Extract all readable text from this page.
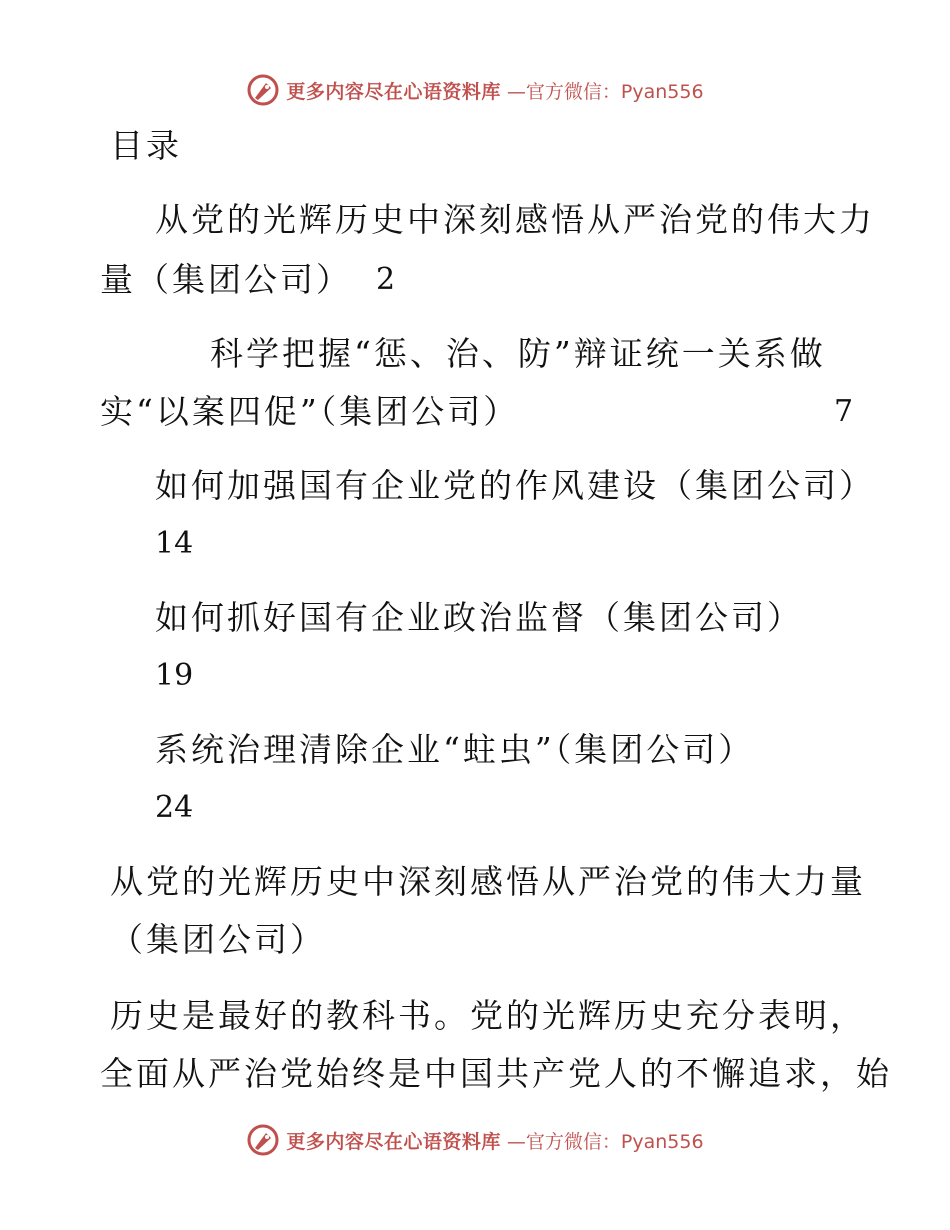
更多内容尽在心语资料库 —官方微信：Pyan556
目录
从党的光辉历史中深刻感悟从严治党的伟大力
量（集团公司） 2
科学把握“惩、治、防”辩证统一关系做
实“以案四促”（集团公司）	7
如何加强国有企业党的作风建设（集团公司）
14
如何抓好国有企业政治监督（集团公司）
19
系统治理清除企业“蛀虫”（集团公司）
24
从党的光辉历史中深刻感悟从严治党的伟大力量
（集团公司）
历史是最好的教科书。党的光辉历史充分表明，
全面从严治党始终是中国共产党人的不懈追求，始
更多内容尽在心语资料库 —官方微信：Pyan556
